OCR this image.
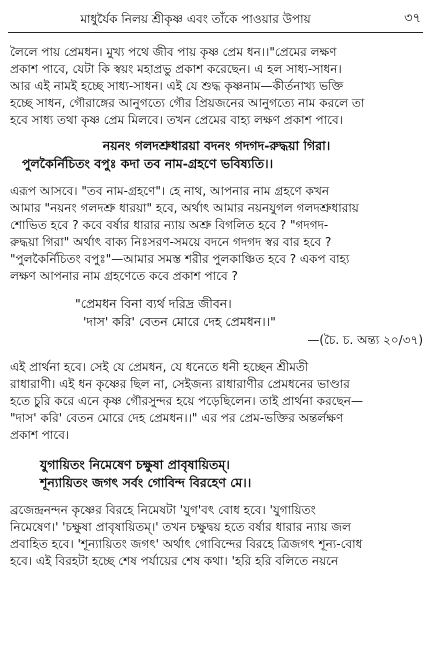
মাধুর্যৈক নিলয় শ্রীকৃষ্ণ এবং তাঁকে পাওয়ার উপায়	৩৭
লৈলে পায় প্রেমধন। মুখ্য পথে জীব পায় কৃষ্ণ প্রেম ধন।।"প্রেমের লক্ষণ
প্রকাশ পাবে, যেটা কি স্বয়ং মহাপ্রভু প্রকাশ করেছেন। এ হল সাধ্য-সাধন।
আর এই নামই হচ্ছে সাধ্য-সাধন। এই যে শুদ্ধ কৃষ্ণনাম—কীর্তনাখ্য ভক্তি
হচ্ছে সাধন, গৌরাঙ্গের আনুগত্যে গৌর প্রিয়জনের আনুগত্যে নাম করলে তা
হবে সাধ্য তথা কৃষ্ণ প্রেম মিলবে। তখন প্রেমের বাহ্য লক্ষণ প্রকাশ পাবে।
নয়নং গলদশ্রুধারয়া বদনং গদগদ-রুদ্ধয়া গিরা।
পুলকৈর্নিচিতং বপুঃ কদা তব নাম-গ্রহণে ভবিষ্যতি।।
এরূপ আসবে। "তব নাম-গ্রহণে"। হে নাথ, আপনার নাম গ্রহণে কখন
আমার "নয়নং গলদশ্রু ধারয়া" হবে, অর্থাৎ আমার নয়নযুগল গলদশ্রুধারায়
শোভিত হবে ? কবে বর্ষার ধারার ন্যায় অশ্রু বিগলিত হবে ? "গদগদ-
রুদ্ধয়া গিরা" অর্থাৎ বাক্য নিঃসরণ-সময়ে বদনে গদগদ স্বর বার হবে ?
"পুলকৈর্নিচিতং বপুঃ"—আমার সমস্ত শরীর পুলকাঞ্চিত হবে ? একপ বাহ্য
লক্ষণ আপনার নাম গ্রহণেতে কবে প্রকাশ পাবে ?
"প্রেমধন বিনা ব্যর্থ দরিদ্র জীবন।
'দাস' করি' বেতন মোরে দেহ প্রেমধন।।"
—(চৈ. চ. অন্ত্য ২০/৩৭)
এই প্রার্থনা হবে। সেই যে প্রেমধন, যে ধনেতে ধনী হচ্ছেন শ্রীমতী
রাধারাণী। এই ধন কৃষ্ণের ছিল না, সেইজন্য রাধারাণীর প্রেমধনের ভাণ্ডার
হতে চুরি করে এনে কৃষ্ণ গৌরসুন্দর হয়ে পড়েছিলেন। তাই প্রার্থনা করছেন—
"দাস' করি' বেতন মোরে দেহ প্রেমধন।।" এর পর প্রেম-ভক্তির অন্তর্লক্ষণ
প্রকাশ পাবে।
যুগায়িতং নিমেষেণ চক্ষুষা প্রাবৃষায়িতম্।
শূন্যায়িতং জগৎ সর্বং গোবিন্দ বিরহেণ মে।।
ব্রজেন্দ্রনন্দন কৃষ্ণের বিরহে নিমেষটা 'যুগ'বৎ বোধ হবে। 'যুগায়িতং
নিমেষেণ।' 'চক্ষুষা প্রাবৃষায়িতম্।' তখন চক্ষুদ্বয় হতে বর্ষার ধারার ন্যায় জল
প্রবাহিত হবে। 'শূন্যায়িতং জগৎ' অর্থাৎ গোবিন্দের বিরহে ত্রিজগৎ শূন্য-বোধ
হবে। এই বিরহটা হচ্ছে শেষ পর্যায়ের শেষ কথা। 'হরি হরি বলিতে নয়নে
